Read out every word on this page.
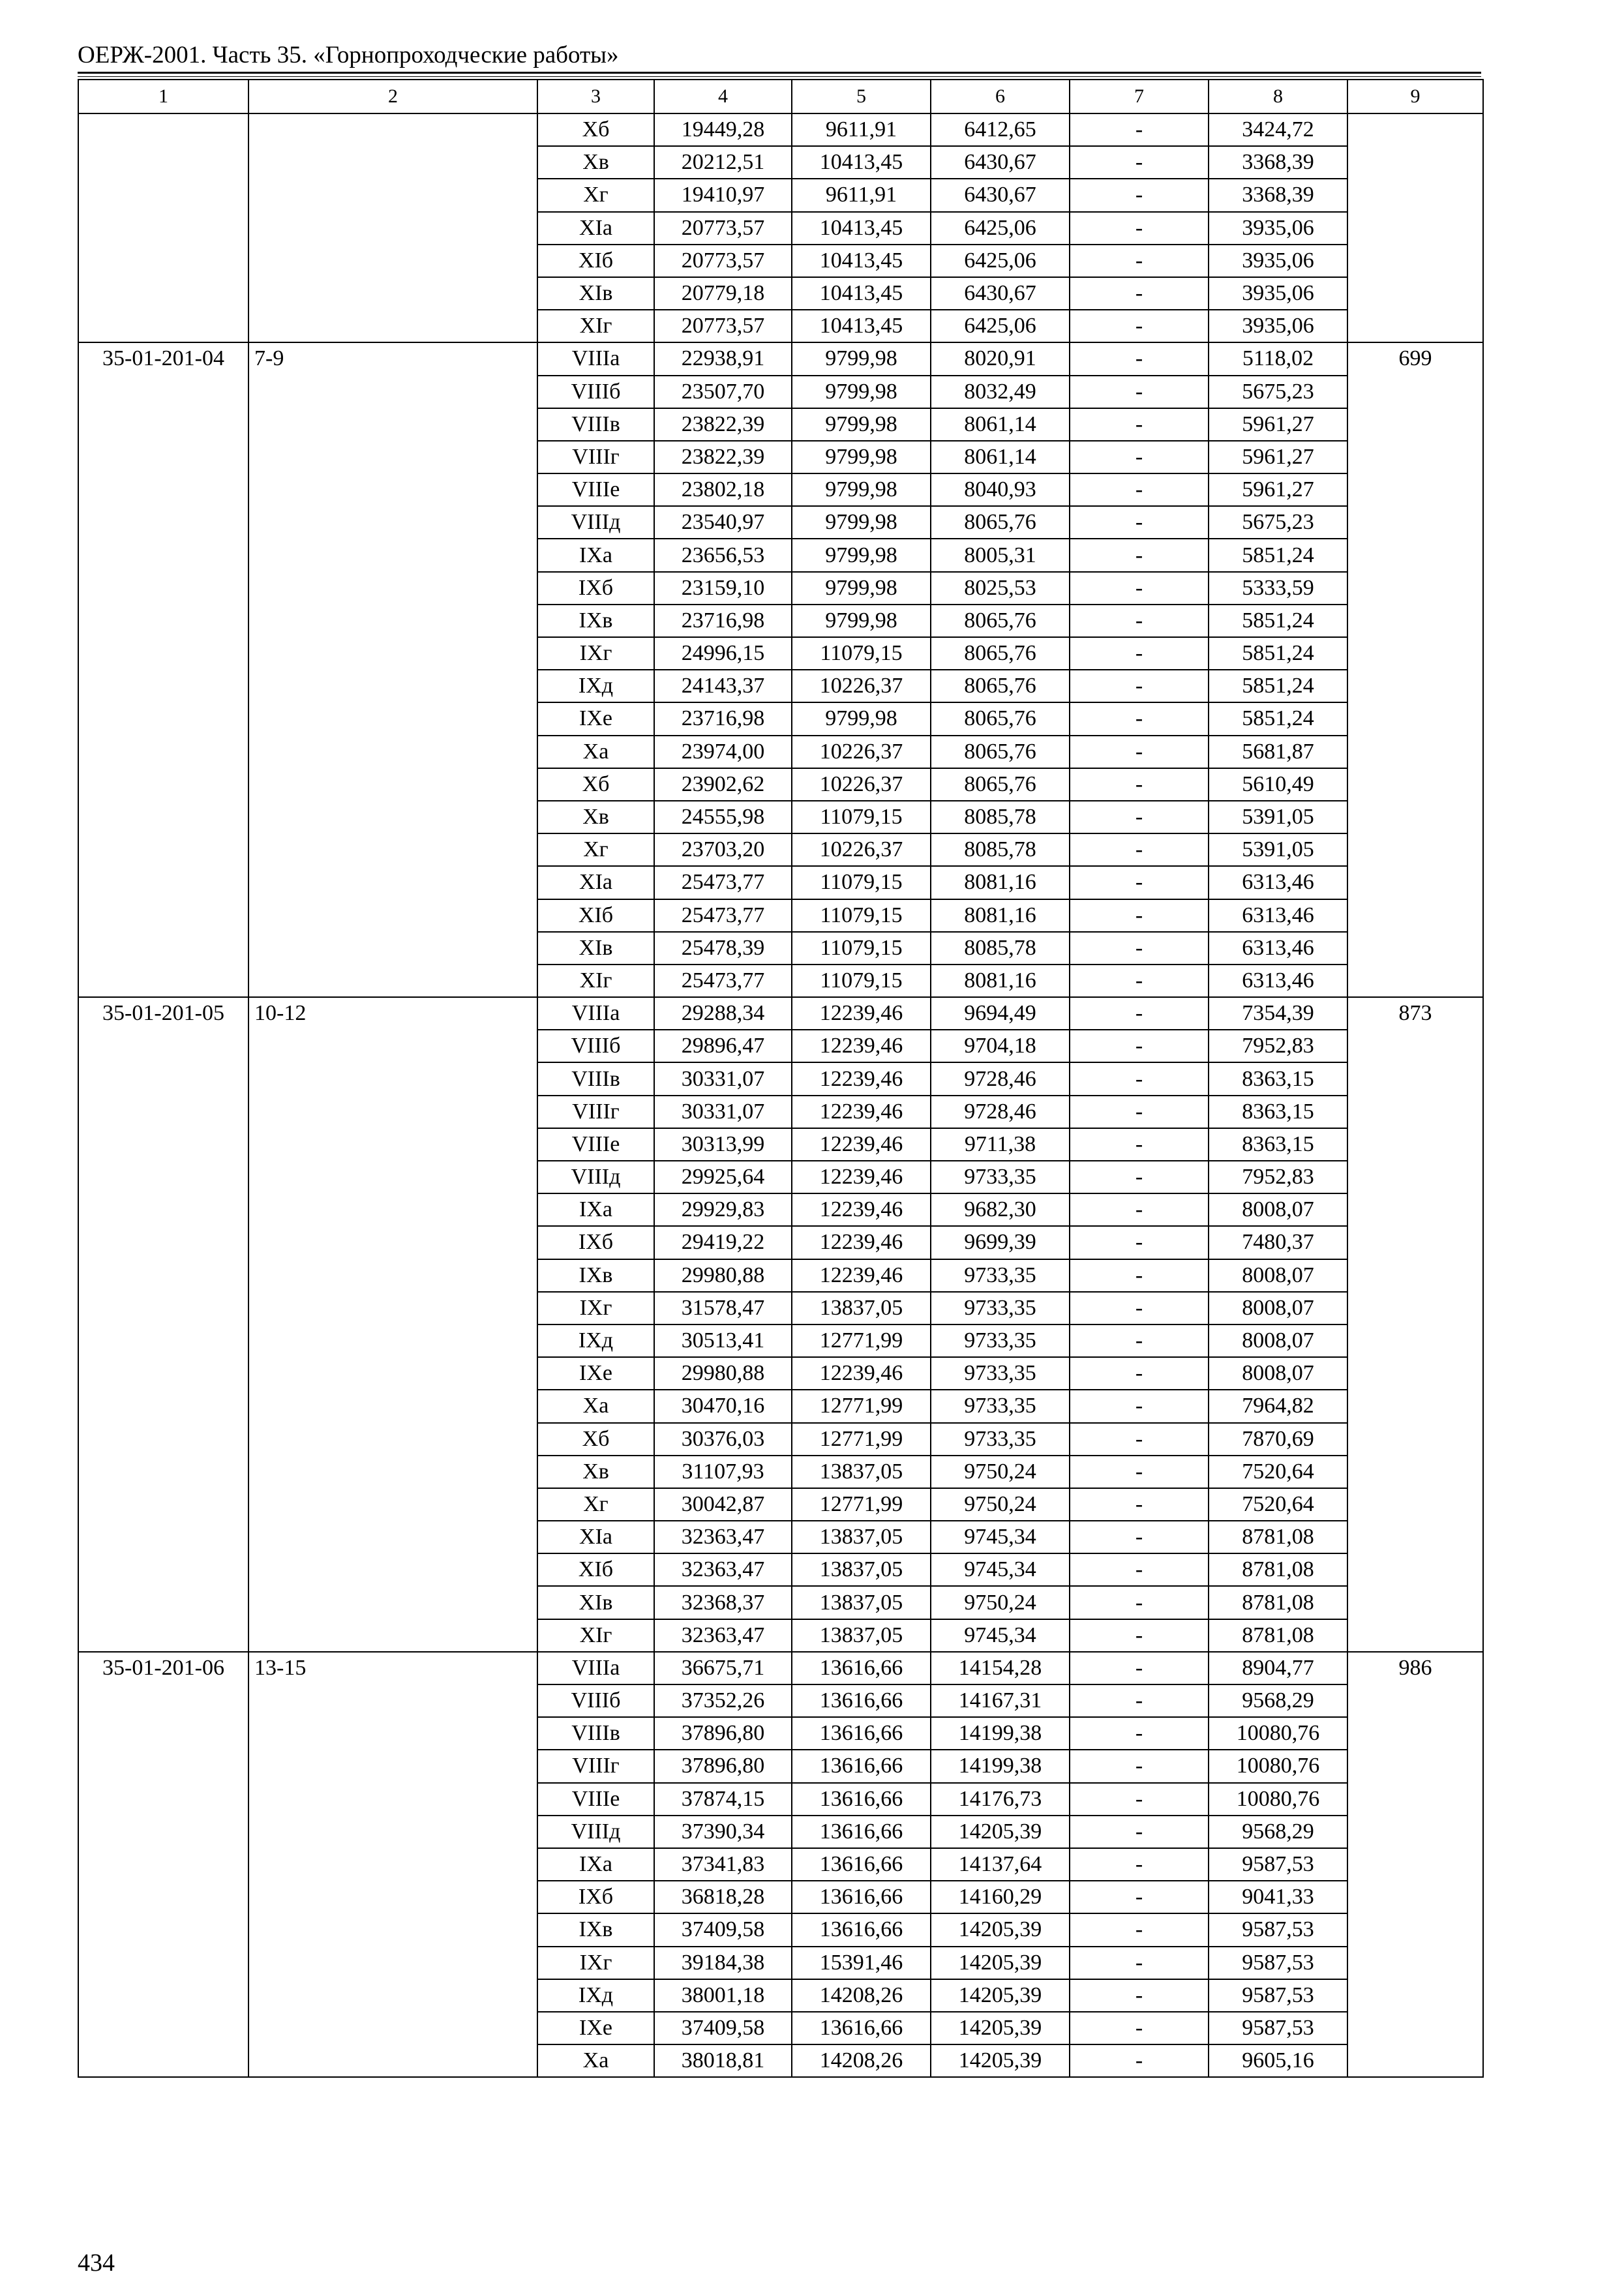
ОЕРЖ-2001. Часть 35. «Горнопроходческие работы»
1	2	3	4	5	6	7	8	9
		Хб	19449,28	9611,91	6412,65	-	3424,72	
		Хв	20212,51	10413,45	6430,67	-	3368,39	
		Хг	19410,97	9611,91	6430,67	-	3368,39	
		XIа	20773,57	10413,45	6425,06	-	3935,06	
		XIб	20773,57	10413,45	6425,06	-	3935,06	
		XIв	20779,18	10413,45	6430,67	-	3935,06	
		XIг	20773,57	10413,45	6425,06	-	3935,06	
35-01-201-04	7-9	VIIIа	22938,91	9799,98	8020,91	-	5118,02	699
		VIIIб	23507,70	9799,98	8032,49	-	5675,23	
		VIIIв	23822,39	9799,98	8061,14	-	5961,27	
		VIIIг	23822,39	9799,98	8061,14	-	5961,27	
		VIIIе	23802,18	9799,98	8040,93	-	5961,27	
		VIIIд	23540,97	9799,98	8065,76	-	5675,23	
		IXа	23656,53	9799,98	8005,31	-	5851,24	
		IXб	23159,10	9799,98	8025,53	-	5333,59	
		IXв	23716,98	9799,98	8065,76	-	5851,24	
		IXг	24996,15	11079,15	8065,76	-	5851,24	
		IXд	24143,37	10226,37	8065,76	-	5851,24	
		IXе	23716,98	9799,98	8065,76	-	5851,24	
		Ха	23974,00	10226,37	8065,76	-	5681,87	
		Хб	23902,62	10226,37	8065,76	-	5610,49	
		Хв	24555,98	11079,15	8085,78	-	5391,05	
		Хг	23703,20	10226,37	8085,78	-	5391,05	
		XIа	25473,77	11079,15	8081,16	-	6313,46	
		XIб	25473,77	11079,15	8081,16	-	6313,46	
		XIв	25478,39	11079,15	8085,78	-	6313,46	
		XIг	25473,77	11079,15	8081,16	-	6313,46	
35-01-201-05	10-12	VIIIа	29288,34	12239,46	9694,49	-	7354,39	873
		VIIIб	29896,47	12239,46	9704,18	-	7952,83	
		VIIIв	30331,07	12239,46	9728,46	-	8363,15	
		VIIIг	30331,07	12239,46	9728,46	-	8363,15	
		VIIIе	30313,99	12239,46	9711,38	-	8363,15	
		VIIIд	29925,64	12239,46	9733,35	-	7952,83	
		IXа	29929,83	12239,46	9682,30	-	8008,07	
		IXб	29419,22	12239,46	9699,39	-	7480,37	
		IXв	29980,88	12239,46	9733,35	-	8008,07	
		IXг	31578,47	13837,05	9733,35	-	8008,07	
		IXд	30513,41	12771,99	9733,35	-	8008,07	
		IXе	29980,88	12239,46	9733,35	-	8008,07	
		Ха	30470,16	12771,99	9733,35	-	7964,82	
		Хб	30376,03	12771,99	9733,35	-	7870,69	
		Хв	31107,93	13837,05	9750,24	-	7520,64	
		Хг	30042,87	12771,99	9750,24	-	7520,64	
		XIа	32363,47	13837,05	9745,34	-	8781,08	
		XIб	32363,47	13837,05	9745,34	-	8781,08	
		XIв	32368,37	13837,05	9750,24	-	8781,08	
		XIг	32363,47	13837,05	9745,34	-	8781,08	
35-01-201-06	13-15	VIIIа	36675,71	13616,66	14154,28	-	8904,77	986
		VIIIб	37352,26	13616,66	14167,31	-	9568,29	
		VIIIв	37896,80	13616,66	14199,38	-	10080,76	
		VIIIг	37896,80	13616,66	14199,38	-	10080,76	
		VIIIе	37874,15	13616,66	14176,73	-	10080,76	
		VIIIд	37390,34	13616,66	14205,39	-	9568,29	
		IXа	37341,83	13616,66	14137,64	-	9587,53	
		IXб	36818,28	13616,66	14160,29	-	9041,33	
		IXв	37409,58	13616,66	14205,39	-	9587,53	
		IXг	39184,38	15391,46	14205,39	-	9587,53	
		IXд	38001,18	14208,26	14205,39	-	9587,53	
		IXе	37409,58	13616,66	14205,39	-	9587,53	
		Ха	38018,81	14208,26	14205,39	-	9605,16	
434
